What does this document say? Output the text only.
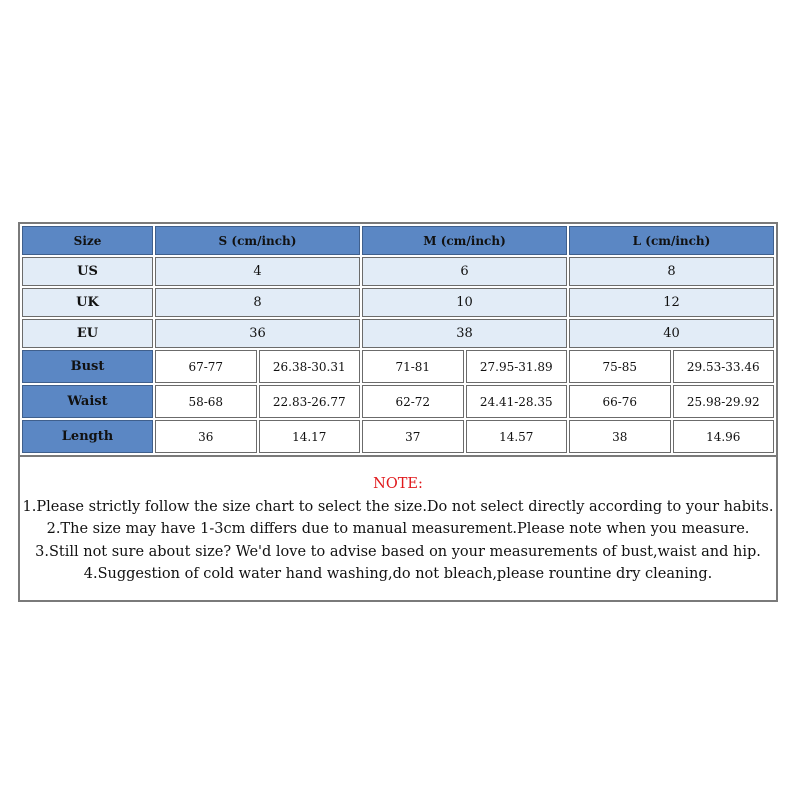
Size	S (cm/inch)		M (cm/inch)		L (cm/inch)	
US	4		6		8	
UK	8		10		12	
EU	36		38		40	
Bust	67-77	26.38-30.31	71-81	27.95-31.89	75-85	29.53-33.46
Waist	58-68	22.83-26.77	62-72	24.41-28.35	66-76	25.98-29.92
Length	36	14.17	37	14.57	38	14.96
NOTE:
1.Please strictly follow the size chart to select the size.Do not select directly according to your habits.
2.The size may have 1-3cm differs due to manual measurement.Please note when you measure.
3.Still not sure about size? We'd love to advise based on your measurements of bust,waist and hip.
4.Suggestion of cold water hand washing,do not bleach,please rountine dry cleaning.
